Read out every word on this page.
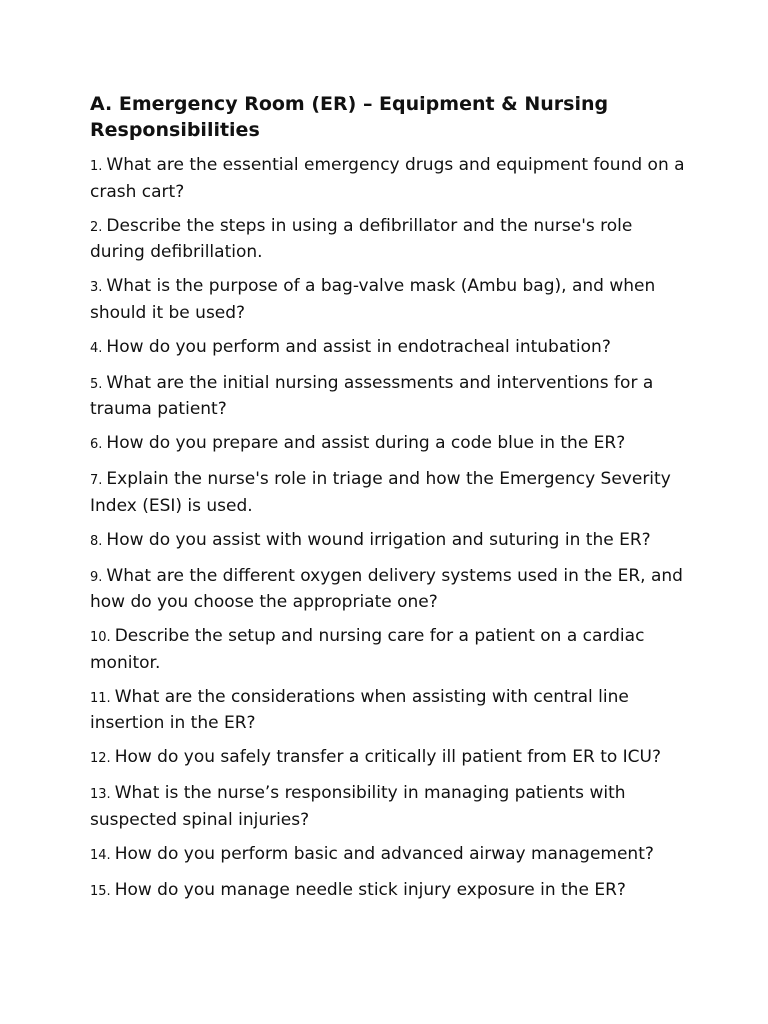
A. Emergency Room (ER) – Equipment & Nursing Responsibilities
1. What are the essential emergency drugs and equipment found on a crash cart?
2. Describe the steps in using a defibrillator and the nurse's role during defibrillation.
3. What is the purpose of a bag-valve mask (Ambu bag), and when should it be used?
4. How do you perform and assist in endotracheal intubation?
5. What are the initial nursing assessments and interventions for a trauma patient?
6. How do you prepare and assist during a code blue in the ER?
7. Explain the nurse's role in triage and how the Emergency Severity Index (ESI) is used.
8. How do you assist with wound irrigation and suturing in the ER?
9. What are the different oxygen delivery systems used in the ER, and how do you choose the appropriate one?
10. Describe the setup and nursing care for a patient on a cardiac monitor.
11. What are the considerations when assisting with central line insertion in the ER?
12. How do you safely transfer a critically ill patient from ER to ICU?
13. What is the nurse’s responsibility in managing patients with suspected spinal injuries?
14. How do you perform basic and advanced airway management?
15. How do you manage needle stick injury exposure in the ER?
